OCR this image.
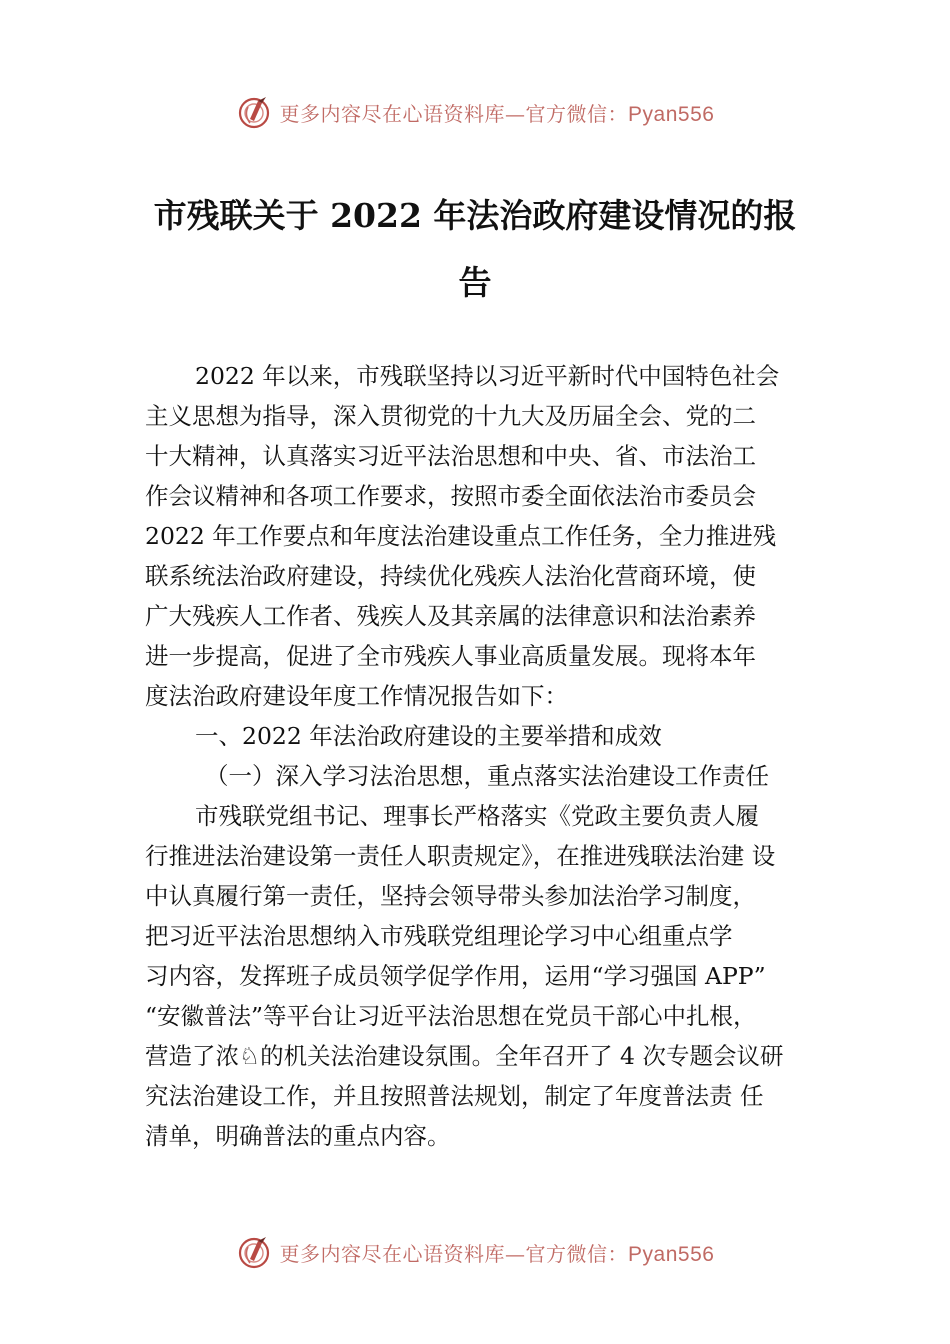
更多内容尽在心语资料库—官方微信：Pyan556
市残联关于 2022 年法治政府建设情况的报
告
2022 年以来，市残联坚持以习近平新时代中国特色社会
主义思想为指导，深入贯彻党的十九大及历届全会、党的二
十大精神，认真落实习近平法治思想和中央、省、市法治工
作会议精神和各项工作要求，按照市委全面依法治市委员会
2022 年工作要点和年度法治建设重点工作任务，全力推进残
联系统法治政府建设，持续优化残疾人法治化营商环境，使
广大残疾人工作者、残疾人及其亲属的法律意识和法治素养
进一步提高，促进了全市残疾人事业高质量发展。现将本年
度法治政府建设年度工作情况报告如下：
一、2022 年法治政府建设的主要举措和成效
（一）深入学习法治思想，重点落实法治建设工作责任
市残联党组书记、理事长严格落实《党政主要负责人履
行推进法治建设第一责任人职责规定》，在推进残联法治建 设
中认真履行第一责任，坚持会领导带头参加法治学习制度，
把习近平法治思想纳入市残联党组理论学习中心组重点学
习内容，发挥班子成员领学促学作用，运用“学习强国 APP”
“安徽普法”等平台让习近平法治思想在党员干部心中扎根，
营造了浓♘的机关法治建设氛围。全年召开了 4 次专题会议研
究法治建设工作，并且按照普法规划，制定了年度普法责 任
清单，明确普法的重点内容。
更多内容尽在心语资料库—官方微信：Pyan556
